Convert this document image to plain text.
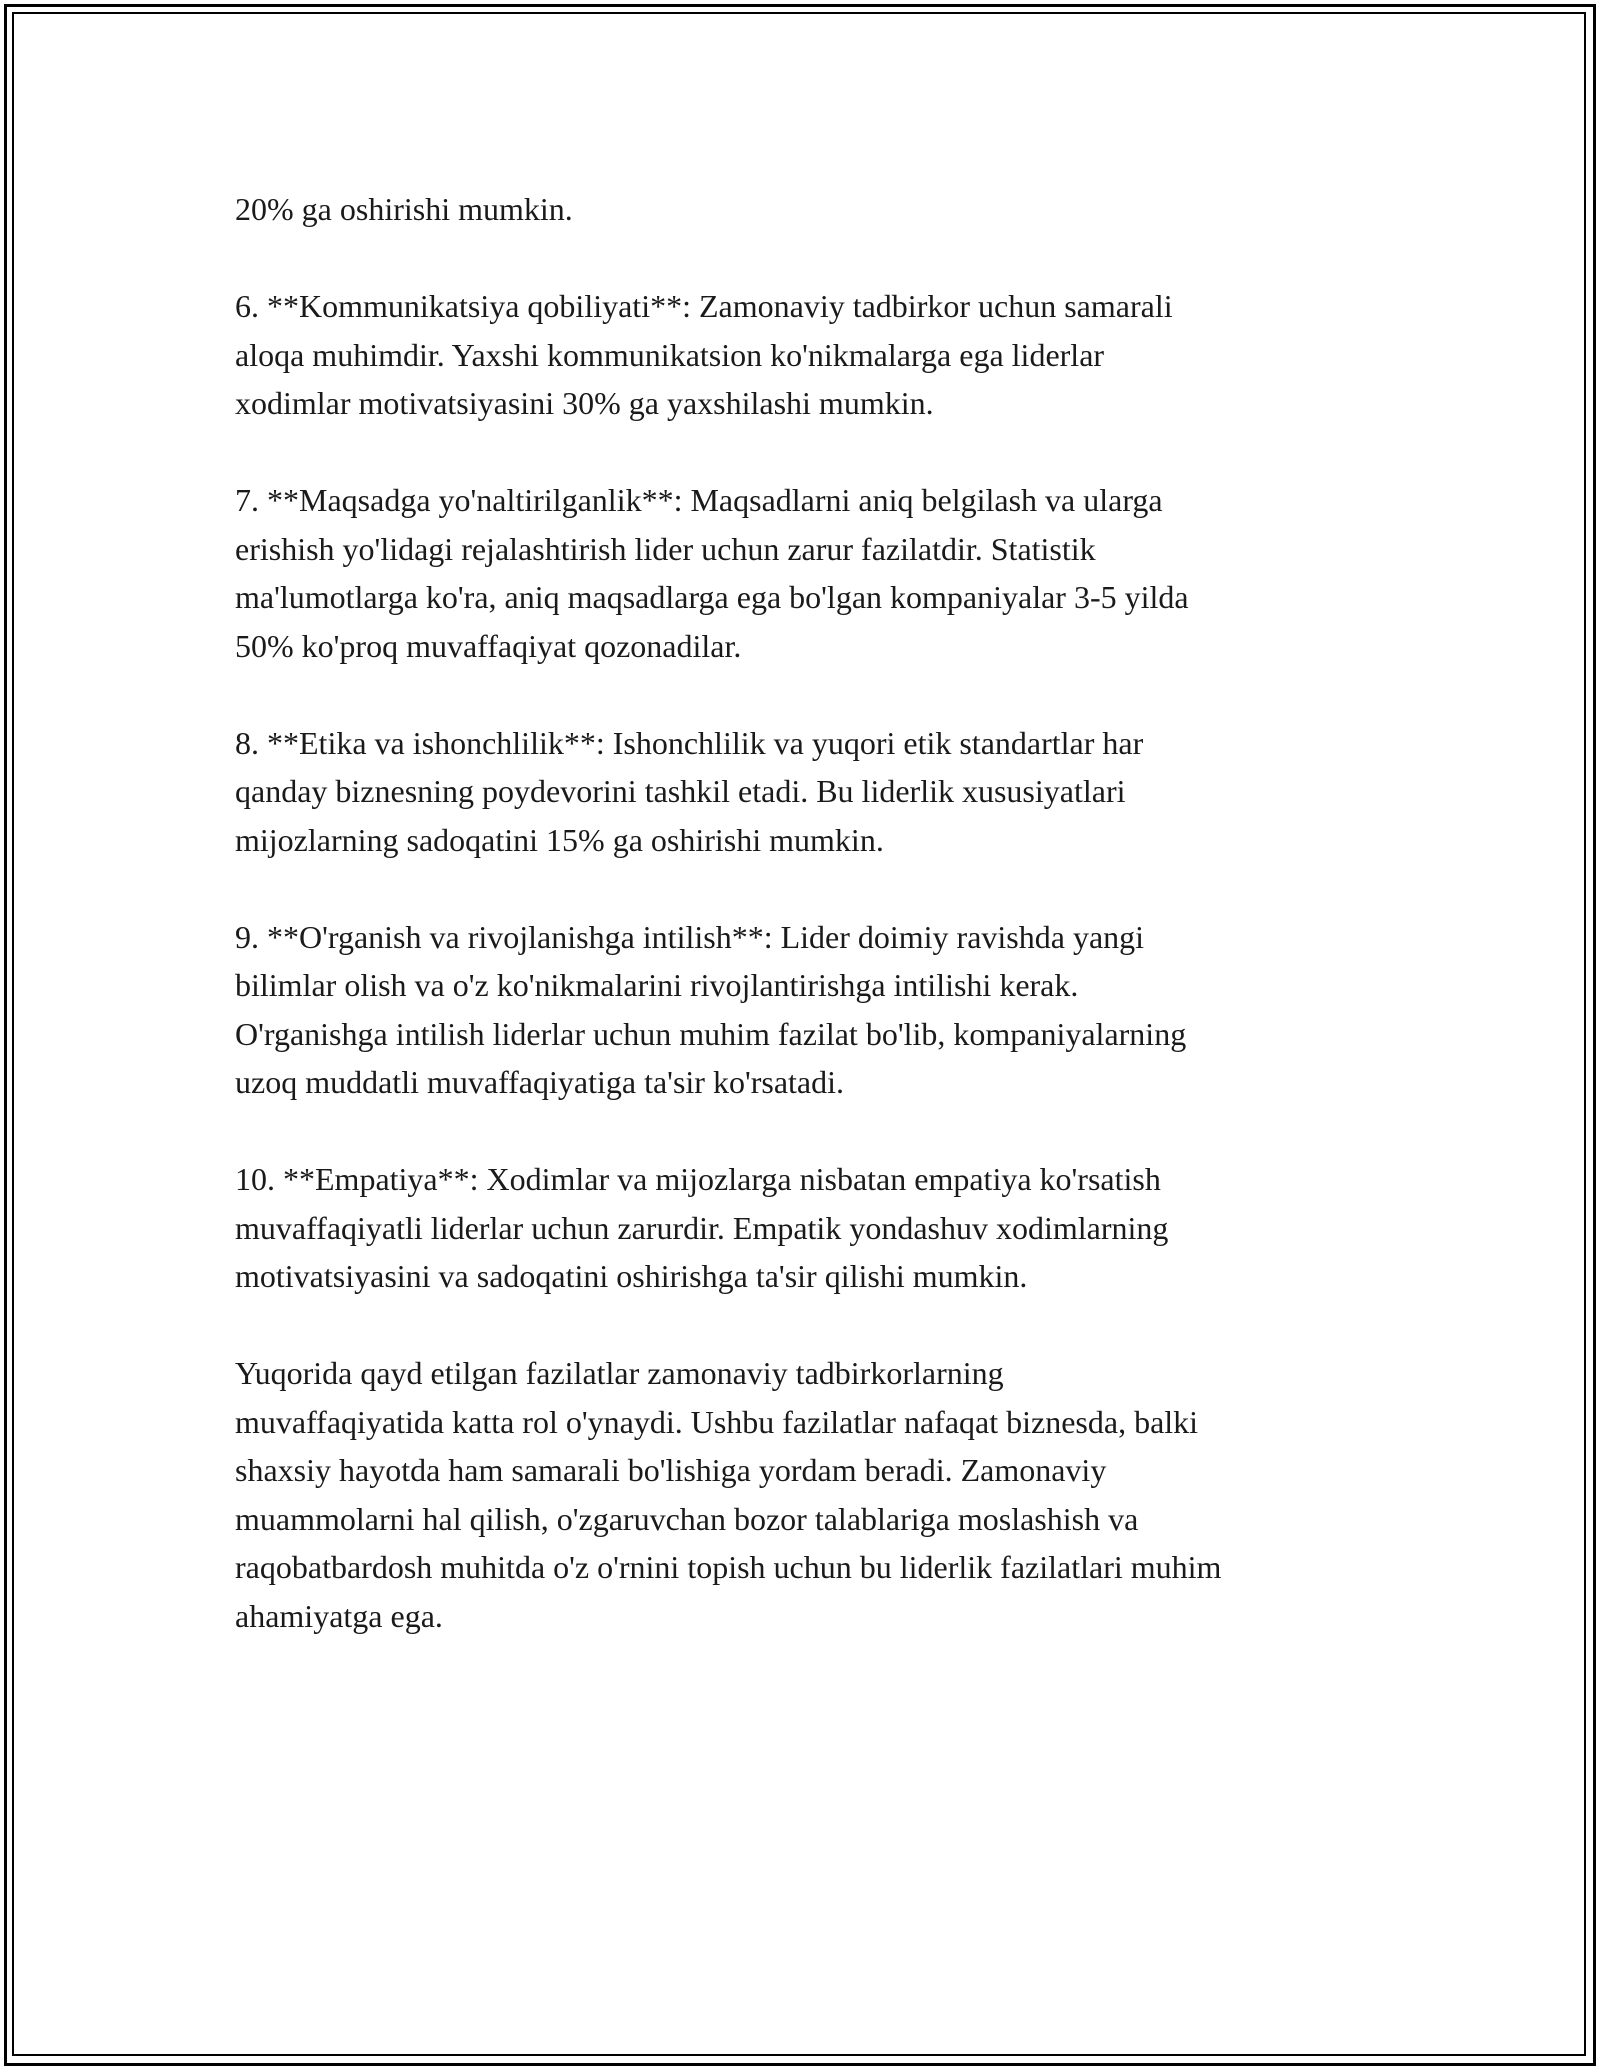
20% ga oshirishi mumkin.

6. **Kommunikatsiya qobiliyati**: Zamonaviy tadbirkor uchun samarali
aloqa muhimdir. Yaxshi kommunikatsion ko'nikmalarga ega liderlar
xodimlar motivatsiyasini 30% ga yaxshilashi mumkin.

7. **Maqsadga yo'naltirilganlik**: Maqsadlarni aniq belgilash va ularga
erishish yo'lidagi rejalashtirish lider uchun zarur fazilatdir. Statistik
ma'lumotlarga ko'ra, aniq maqsadlarga ega bo'lgan kompaniyalar 3-5 yilda
50% ko'proq muvaffaqiyat qozonadilar.

8. **Etika va ishonchlilik**: Ishonchlilik va yuqori etik standartlar har
qanday biznesning poydevorini tashkil etadi. Bu liderlik xususiyatlari
mijozlarning sadoqatini 15% ga oshirishi mumkin.

9. **O'rganish va rivojlanishga intilish**: Lider doimiy ravishda yangi
bilimlar olish va o'z ko'nikmalarini rivojlantirishga intilishi kerak.
O'rganishga intilish liderlar uchun muhim fazilat bo'lib, kompaniyalarning
uzoq muddatli muvaffaqiyatiga ta'sir ko'rsatadi.

10. **Empatiya**: Xodimlar va mijozlarga nisbatan empatiya ko'rsatish
muvaffaqiyatli liderlar uchun zarurdir. Empatik yondashuv xodimlarning
motivatsiyasini va sadoqatini oshirishga ta'sir qilishi mumkin.

Yuqorida qayd etilgan fazilatlar zamonaviy tadbirkorlarning
muvaffaqiyatida katta rol o'ynaydi. Ushbu fazilatlar nafaqat biznesda, balki
shaxsiy hayotda ham samarali bo'lishiga yordam beradi. Zamonaviy
muammolarni hal qilish, o'zgaruvchan bozor talablariga moslashish va
raqobatbardosh muhitda o'z o'rnini topish uchun bu liderlik fazilatlari muhim
ahamiyatga ega.
